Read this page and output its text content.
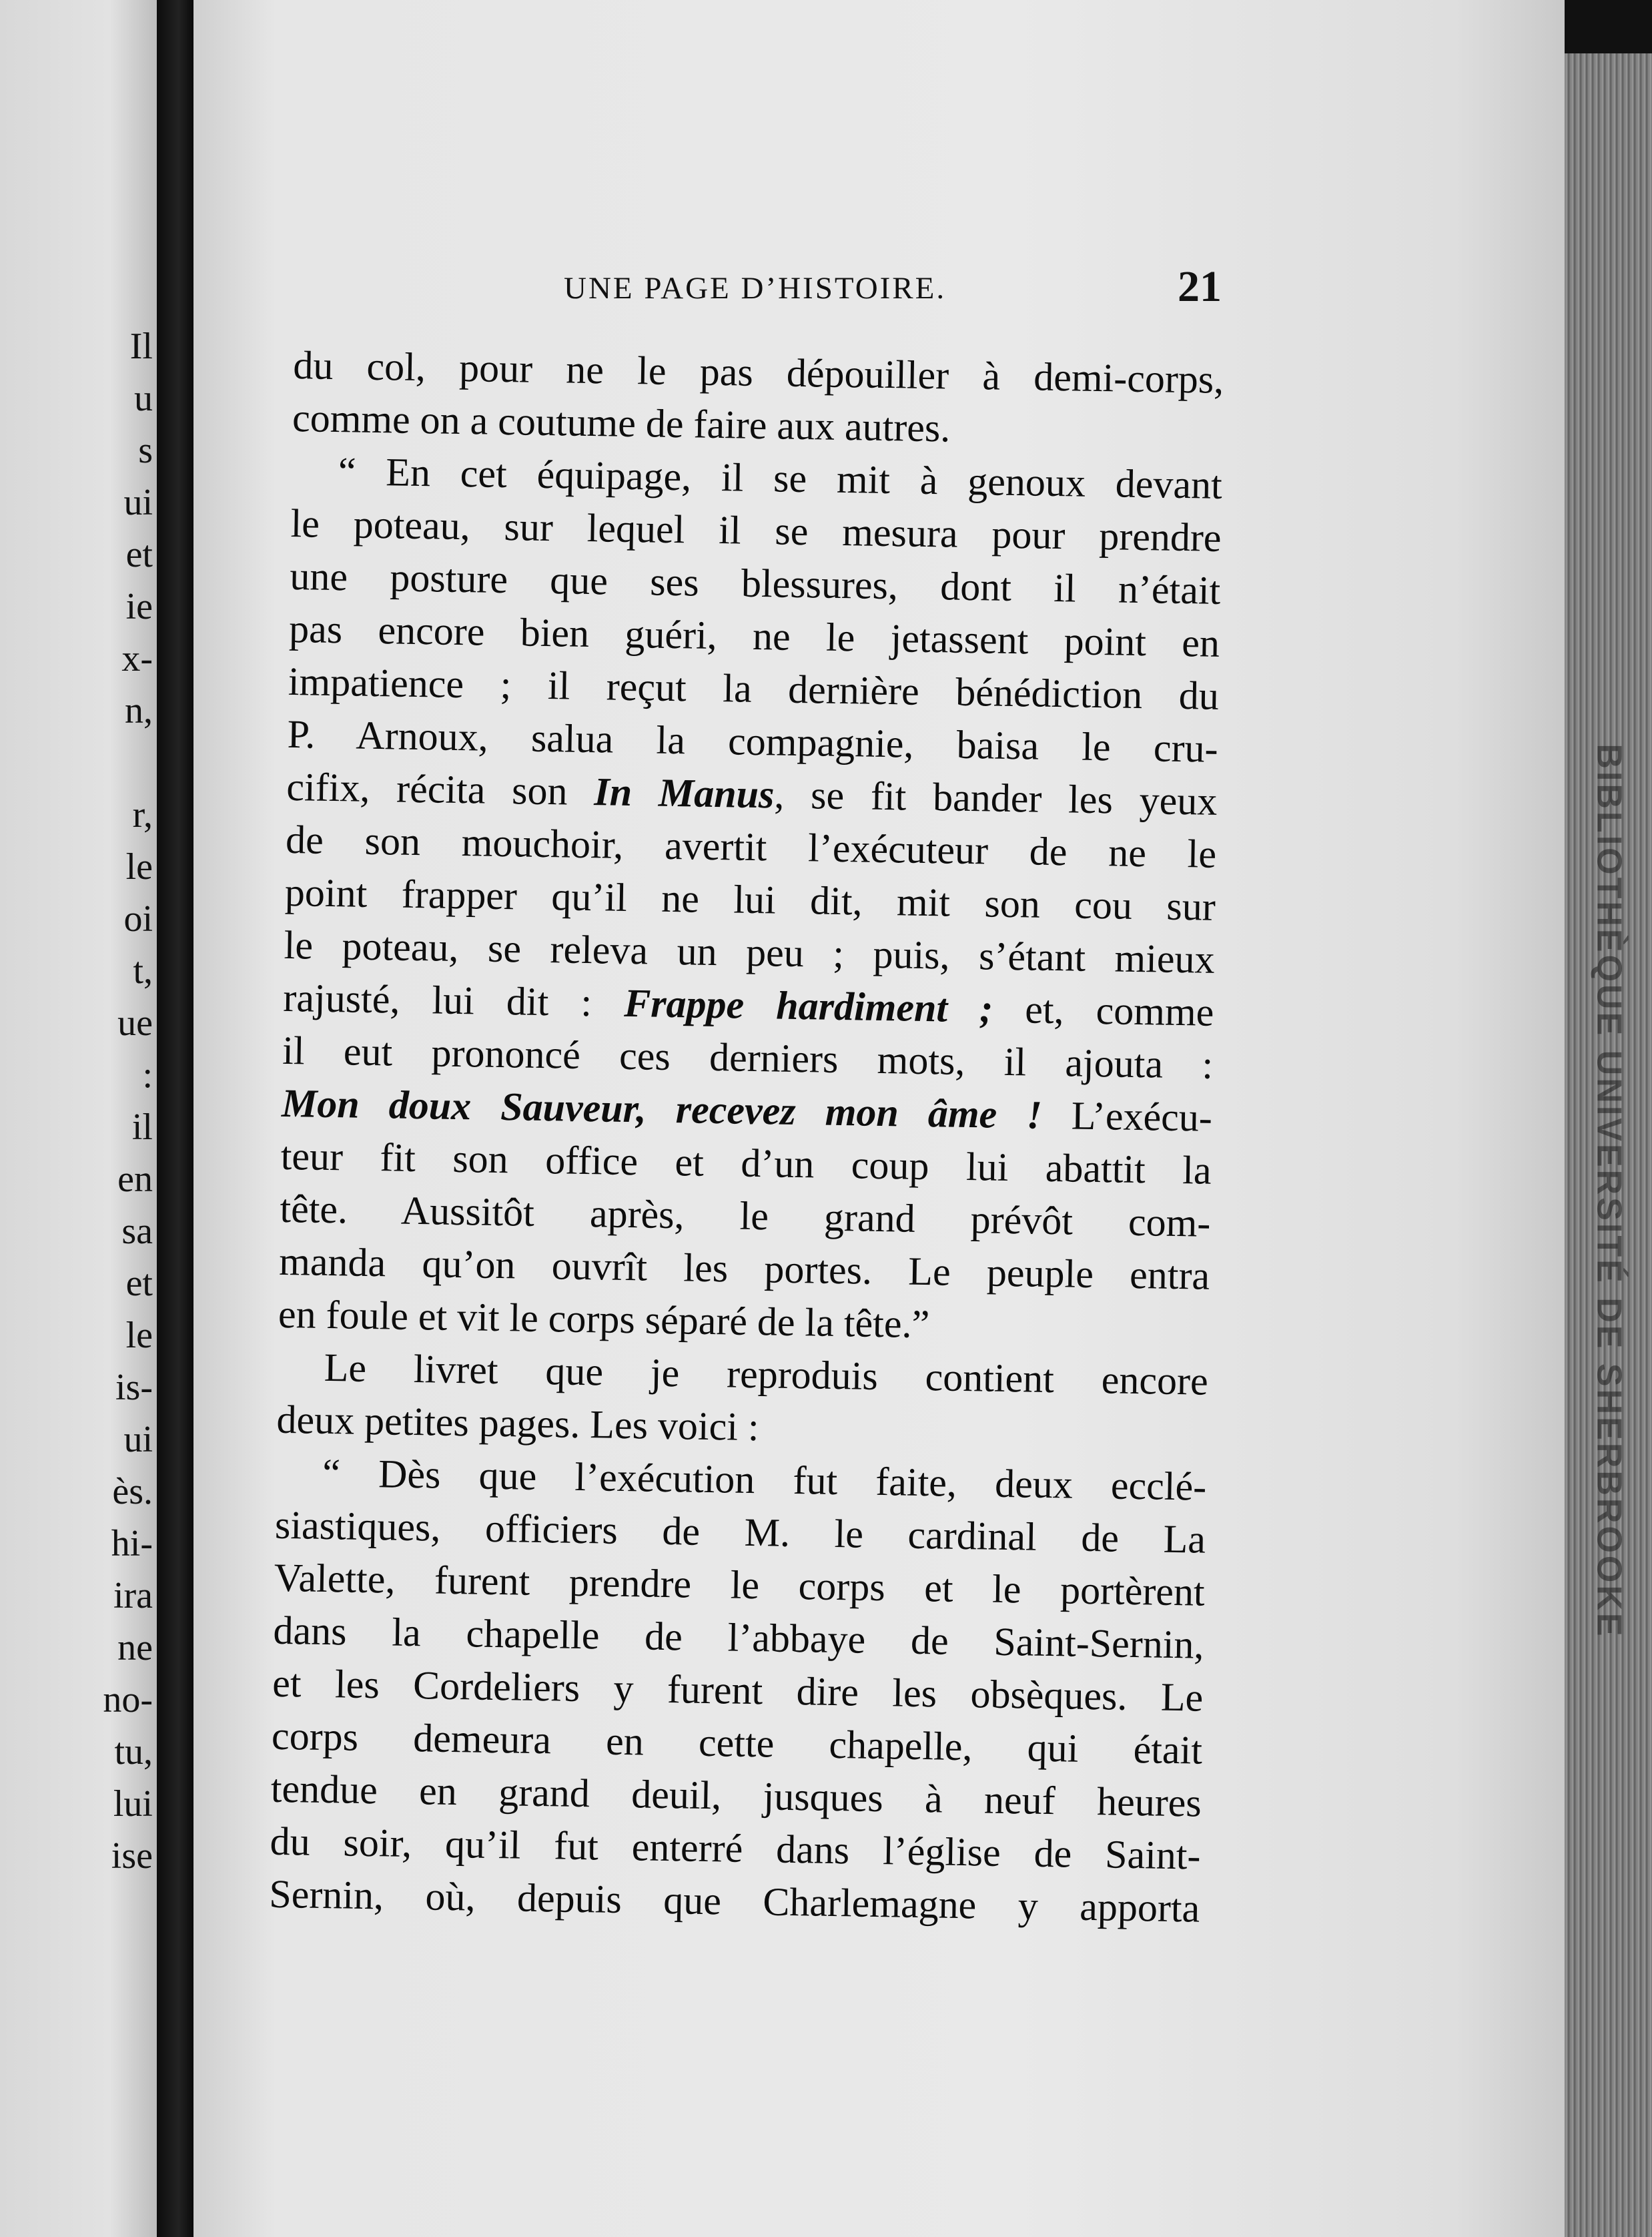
Il
u
s
ui
et
ie
x-
n,
r,
le
oi
t,
ue
:
il
en
sa
et
le
is-
ui
ès.
hi-
ira
ne
no-
tu,
lui
ise
BIBLIOTHÈQUE UNIVERSITÉ DE SHERBROOKE
UNE PAGE D’HISTOIRE.	21
du col, pour ne le pas dépouiller à demi-corps,
comme on a coutume de faire aux autres.
“ En cet équipage, il se mit à genoux devant
le poteau, sur lequel il se mesura pour prendre
une posture que ses blessures, dont il n’était
pas encore bien guéri, ne le jetassent point en
impatience ; il reçut la dernière bénédiction du
P. Arnoux, salua la compagnie, baisa le cru-
cifix, récita son In Manus, se fit bander les yeux
de son mouchoir, avertit l’exécuteur de ne le
point frapper qu’il ne lui dit, mit son cou sur
le poteau, se releva un peu ; puis, s’étant mieux
rajusté, lui dit : Frappe hardiment ; et, comme
il eut prononcé ces derniers mots, il ajouta :
Mon doux Sauveur, recevez mon âme ! L’exécu-
teur fit son office et d’un coup lui abattit la
tête. Aussitôt après, le grand prévôt com-
manda qu’on ouvrît les portes. Le peuple entra
en foule et vit le corps séparé de la tête.”
Le livret que je reproduis contient encore
deux petites pages. Les voici :
“ Dès que l’exécution fut faite, deux ecclé-
siastiques, officiers de M. le cardinal de La
Valette, furent prendre le corps et le portèrent
dans la chapelle de l’abbaye de Saint-Sernin,
et les Cordeliers y furent dire les obsèques. Le
corps demeura en cette chapelle, qui était
tendue en grand deuil, jusques à neuf heures
du soir, qu’il fut enterré dans l’église de Saint-
Sernin, où, depuis que Charlemagne y apporta
